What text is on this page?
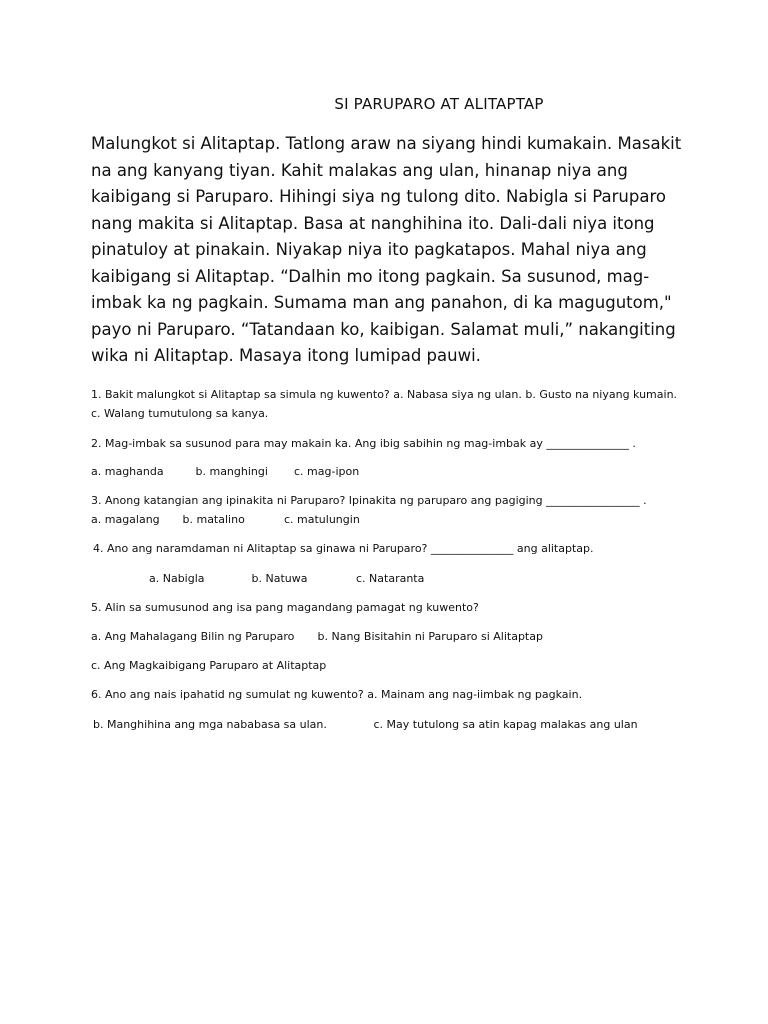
SI PARUPARO AT ALITAPTAP
Malungkot si Alitaptap. Tatlong araw na siyang hindi kumakain. Masakit
na ang kanyang tiyan. Kahit malakas ang ulan, hinanap niya ang
kaibigang si Paruparo. Hihingi siya ng tulong dito. Nabigla si Paruparo
nang makita si Alitaptap. Basa at nanghihina ito. Dali-dali niya itong
pinatuloy at pinakain. Niyakap niya ito pagkatapos. Mahal niya ang
kaibigang si Alitaptap. “Dalhin mo itong pagkain. Sa susunod, mag-
imbak ka ng pagkain. Sumama man ang panahon, di ka magugutom,"
payo ni Paruparo. “Tatandaan ko, kaibigan. Salamat muli,” nakangiting
wika ni Alitaptap. Masaya itong lumipad pauwi.
1. Bakit malungkot si Alitaptap sa simula ng kuwento? a. Nabasa siya ng ulan. b. Gusto na niyang kumain.
c. Walang tumutulong sa kanya.
2. Mag-imbak sa susunod para may makain ka. Ang ibig sabihin ng mag-imbak ay _______________ .
a. maghanda	b. manghingi c. mag-ipon
3. Anong katangian ang ipinakita ni Paruparo? Ipinakita ng paruparo ang pagiging _________________ .
a. magalang b. matalino	c. matulungin
4. Ano ang naramdaman ni Alitaptap sa ginawa ni Paruparo? _______________ ang alitaptap.
a. Nabigla	b. Natuwa	c. Nataranta
5. Alin sa sumusunod ang isa pang magandang pamagat ng kuwento?
a. Ang Mahalagang Bilin ng Paruparo b. Nang Bisitahin ni Paruparo si Alitaptap
c. Ang Magkaibigang Paruparo at Alitaptap
6. Ano ang nais ipahatid ng sumulat ng kuwento? a. Mainam ang nag-iimbak ng pagkain.
b. Manghihina ang mga nababasa sa ulan.	c. May tutulong sa atin kapag malakas ang ulan
